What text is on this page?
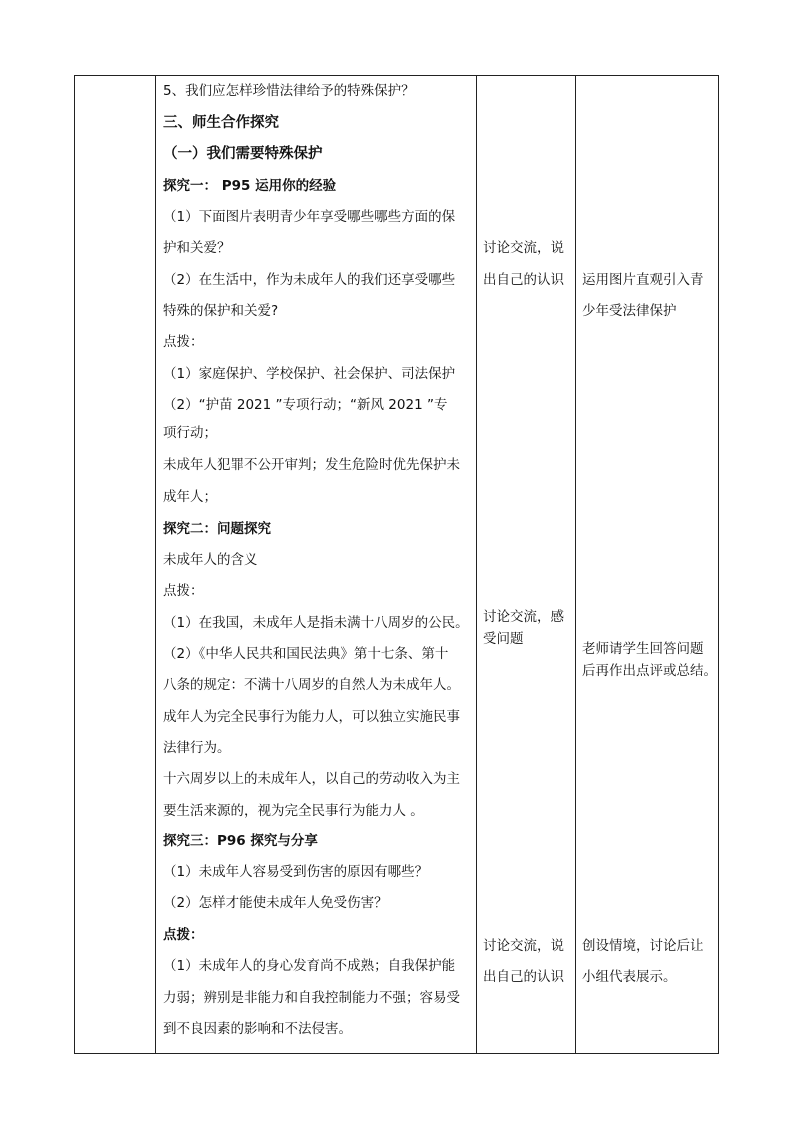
5、我们应怎样珍惜法律给予的特殊保护？
三、师生合作探究
（一）我们需要特殊保护
探究一： P95 运用你的经验
（1）下面图片表明青少年享受哪些哪些方面的保
护和关爱？
（2）在生活中，作为未成年人的我们还享受哪些
特殊的保护和关爱?
点拨：
（1）家庭保护、学校保护、社会保护、司法保护
（2）“护苗 2021 ”专项行动；“新风 2021 ”专
项行动；
未成年人犯罪不公开审判；发生危险时优先保护未
成年人；
探究二：问题探究
未成年人的含义
点拨：
（1）在我国，未成年人是指未满十八周岁的公民。
（2）《中华人民共和国民法典》第十七条、第十
八条的规定：不满十八周岁的自然人为未成年人。
成年人为完全民事行为能力人，可以独立实施民事
法律行为。
十六周岁以上的未成年人，以自己的劳动收入为主
要生活来源的，视为完全民事行为能力人 。
探究三：P96 探究与分享
（1）未成年人容易受到伤害的原因有哪些？
（2）怎样才能使未成年人免受伤害？
点拨：
（1）未成年人的身心发育尚不成熟；自我保护能
力弱；辨别是非能力和自我控制能力不强；容易受
到不良因素的影响和不法侵害。
讨论交流，说
出自己的认识
讨论交流，感
受问题
讨论交流，说
出自己的认识
运用图片直观引入青
少年受法律保护
老师请学生回答问题
后再作出点评或总结。
创设情境，讨论后让
小组代表展示。
